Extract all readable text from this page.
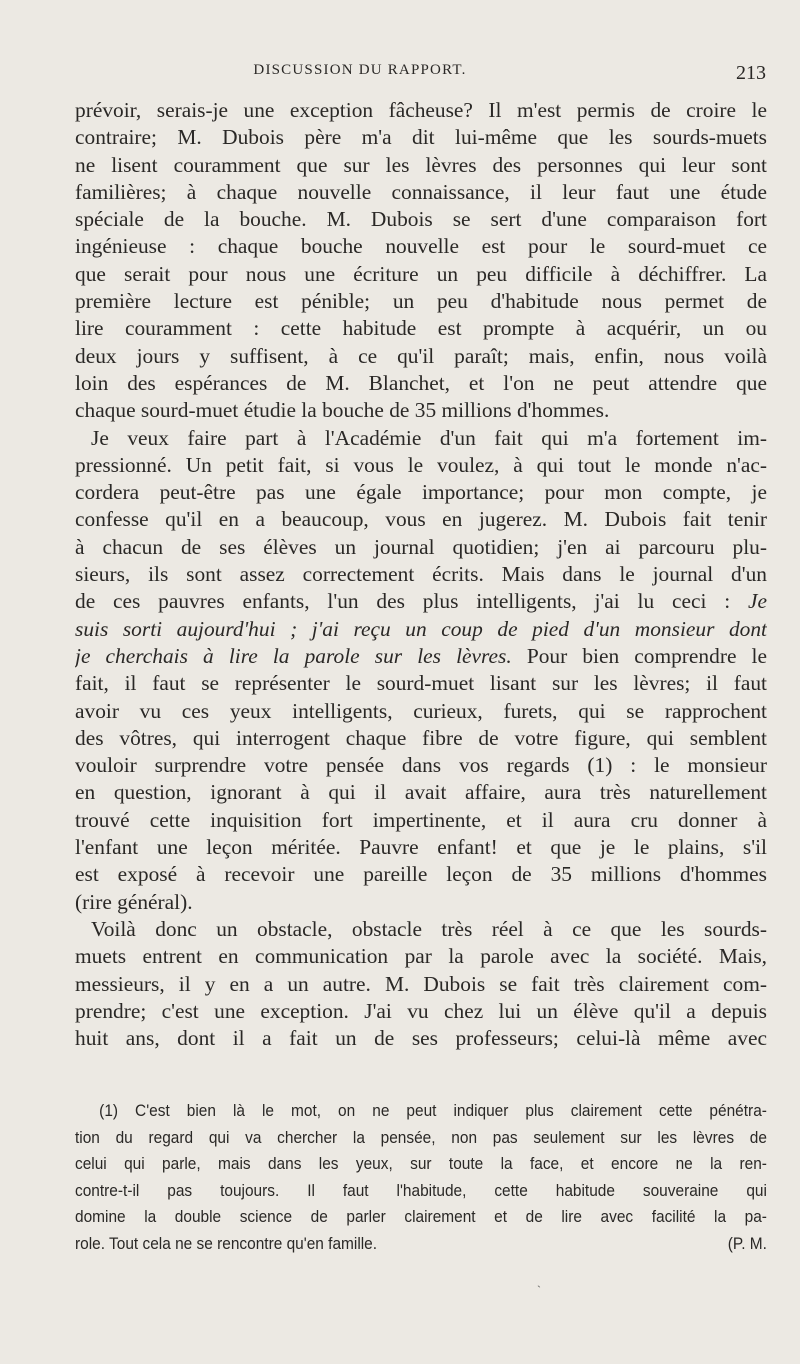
DISCUSSION DU RAPPORT.	213
prévoir, serais-je une exception fâcheuse? Il m'est permis de croire le
contraire; M. Dubois père m'a dit lui-même que les sourds-muets
ne lisent couramment que sur les lèvres des personnes qui leur sont
familières; à chaque nouvelle connaissance, il leur faut une étude
spéciale de la bouche. M. Dubois se sert d'une comparaison fort
ingénieuse : chaque bouche nouvelle est pour le sourd-muet ce
que serait pour nous une écriture un peu difficile à déchiffrer. La
première lecture est pénible; un peu d'habitude nous permet de
lire couramment : cette habitude est prompte à acquérir, un ou
deux jours y suffisent, à ce qu'il paraît; mais, enfin, nous voilà
loin des espérances de M. Blanchet, et l'on ne peut attendre que
chaque sourd-muet étudie la bouche de 35 millions d'hommes.
Je veux faire part à l'Académie d'un fait qui m'a fortement im-
pressionné. Un petit fait, si vous le voulez, à qui tout le monde n'ac-
cordera peut-être pas une égale importance; pour mon compte, je
confesse qu'il en a beaucoup, vous en jugerez. M. Dubois fait tenir
à chacun de ses élèves un journal quotidien; j'en ai parcouru plu-
sieurs, ils sont assez correctement écrits. Mais dans le journal d'un
de ces pauvres enfants, l'un des plus intelligents, j'ai lu ceci : Je
suis sorti aujourd'hui ; j'ai reçu un coup de pied d'un monsieur dont
je cherchais à lire la parole sur les lèvres. Pour bien comprendre le
fait, il faut se représenter le sourd-muet lisant sur les lèvres; il faut
avoir vu ces yeux intelligents, curieux, furets, qui se rapprochent
des vôtres, qui interrogent chaque fibre de votre figure, qui semblent
vouloir surprendre votre pensée dans vos regards (1) : le monsieur
en question, ignorant à qui il avait affaire, aura très naturellement
trouvé cette inquisition fort impertinente, et il aura cru donner à
l'enfant une leçon méritée. Pauvre enfant! et que je le plains, s'il
est exposé à recevoir une pareille leçon de 35 millions d'hommes
(rire général).
Voilà donc un obstacle, obstacle très réel à ce que les sourds-
muets entrent en communication par la parole avec la société. Mais,
messieurs, il y en a un autre. M. Dubois se fait très clairement com-
prendre; c'est une exception. J'ai vu chez lui un élève qu'il a depuis
huit ans, dont il a fait un de ses professeurs; celui-là même avec
(1) C'est bien là le mot, on ne peut indiquer plus clairement cette pénétra-
tion du regard qui va chercher la pensée, non pas seulement sur les lèvres de
celui qui parle, mais dans les yeux, sur toute la face, et encore ne la ren-
contre-t-il pas toujours. Il faut l'habitude, cette habitude souveraine qui
domine la double science de parler clairement et de lire avec facilité la pa-
role. Tout cela ne se rencontre qu'en famille.	(P. M.
ˋ
